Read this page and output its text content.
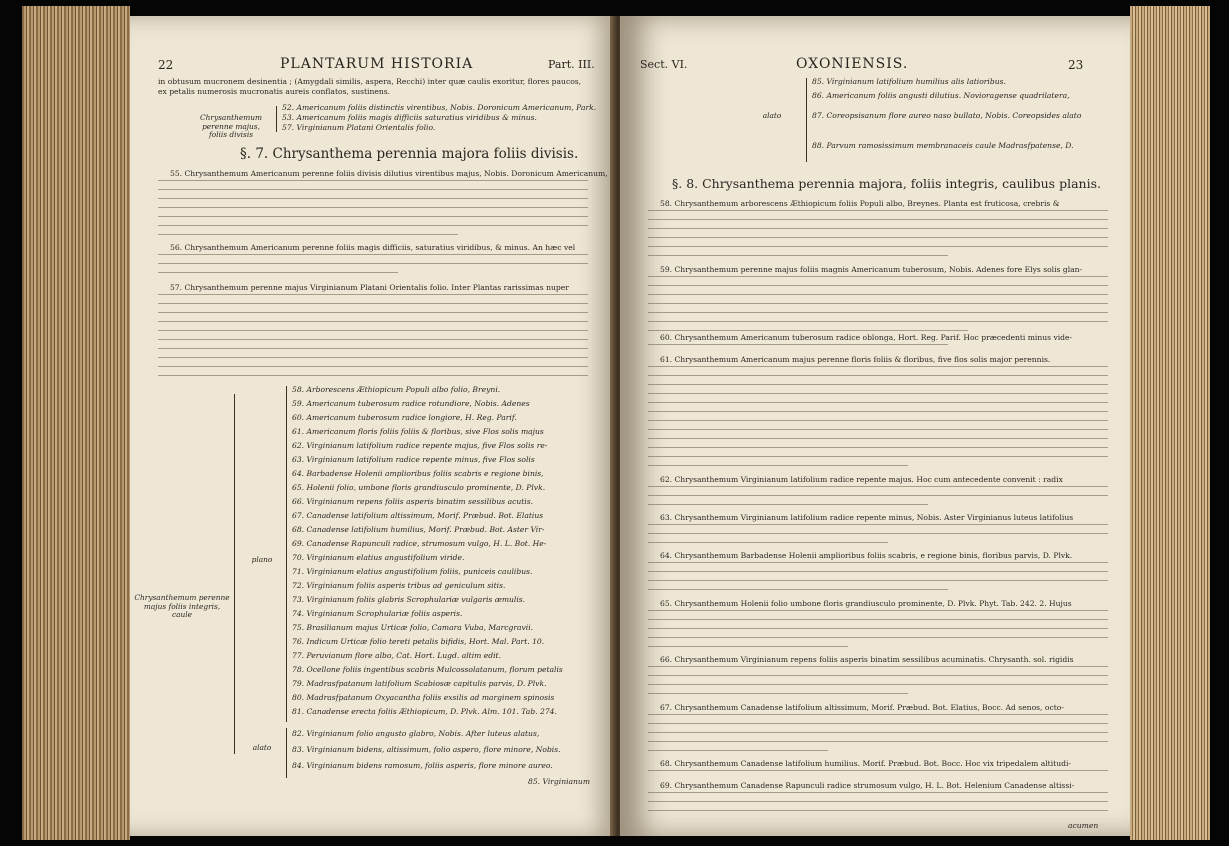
22	PLANTARUM HISTORIA	Part. III.
in obtusum mucronem desinentia ; (Amygdali similis, aspera, Recchi) inter quæ caulis exoritur, flores paucos,
ex petalis numerosis mucronatis aureis conflatos, sustinens.
Chrysanthemum perenne majus, foliis divisis
52. Americanum foliis distinctis virentibus, Nobis. Doronicum Americanum, Park.
53. Americanum foliis magis difficiis saturatius viridibus & minus.
57. Virginianum Platani Orientalis folio.
§. 7. Chrysanthema perennia majora foliis divisis.
55. Chrysanthemum Americanum perenne foliis divisis dilutius virentibus majus, Nobis. Doronicum Americanum,
56. Chrysanthemum Americanum perenne foliis magis difficiis, saturatius viridibus, & minus. An hæc vel
57. Chrysanthemum perenne majus Virginianum Platani Orientalis folio. Inter Plantas rarissimas nuper
Chrysanthemum perenne majus foliis integris, caule
plano
alato
58. Arborescens Æthiopicum Populi albo folio, Breyni.
59. Americanum tuberosum radice rotundiore, Nobis. Adenes
60. Americanum tuberosum radice longiore, H. Reg. Parif.
61. Americanum floris foliis foliis & floribus, sive Flos solis majus
62. Virginianum latifolium radice repente majus, five Flos solis re-
63. Virginianum latifolium radice repente minus, five Flos solis
64. Barbadense Holenii amplioribus foliis scabris e regione binis,
65. Holenii folio, umbone floris grandiusculo prominente, D. Plvk.
66. Virginianum repens foliis asperis binatim sessilibus acutis.
67. Canadense latifolium altissimum, Morif. Præbud. Bot. Elatius
68. Canadense latifolium humilius, Morif. Præbud. Bot. Aster Vir-
69. Canadense Rapunculi radice, strumosum vulgo, H. L. Bot. He-
70. Virginianum elatius angustifolium viride.
71. Virginianum elatius angustifolium foliis, puniceis caulibus.
72. Virginianum foliis asperis tribus ad geniculum sitis.
73. Virginianum foliis glabris Scrophulariæ vulgaris æmulis.
74. Virginianum Scrophulariæ foliis asperis.
75. Brasilianum majus Urticæ folio, Camara Vuba, Marcgravii.
76. Indicum Urticæ folio tereti petalis bifidis, Hort. Mal. Part. 10.
77. Peruvianum flore albo, Cat. Hort. Lugd. altim edit.
78. Ocellone foliis ingentibus scabris Mulcossolatanum, florum petalis
79. Madrasfpatanum latifolium Scabiosæ capitulis parvis, D. Plvk.
80. Madrasfpatanum Oxyacantha foliis exsilis ad marginem spinosis
81. Canadense erecta foliis Æthiopicum, D. Plvk. Alm. 101. Tab. 274.
82. Virginianum folio angusto glabro, Nobis. After luteus alatus,
83. Virginianum bidens, altissimum, folio aspero, flore minore, Nobis.
84. Virginianum bidens ramosum, foliis asperis, flore minore aureo.
85. Virginianum
Sect. VI.	OXONIENSIS.	23
alato
85. Virginianum latifolium humilius alis latioribus.
86. Americanum foliis angusti dilutius. Novioragense quadrilatera,
87. Coreopsisanum flore aureo naso bullato, Nobis. Coreopsides alato
88. Parvum ramosissimum membranaceis caule Madrasfpatense, D.
§. 8. Chrysanthema perennia majora, foliis integris, caulibus planis.
58. Chrysanthemum arborescens Æthiopicum foliis Populi albo, Breynes. Planta est fruticosa, crebris &
59. Chrysanthemum perenne majus foliis magnis Americanum tuberosum, Nobis. Adenes fore Elys solis glan-
60. Chrysanthemum Americanum tuberosum radice oblonga, Hort. Reg. Parif. Hoc præcedenti minus vide-
61. Chrysanthemum Americanum majus perenne floris foliis & floribus, five flos solis major perennis.
62. Chrysanthemum Virginianum latifolium radice repente majus. Hoc cum antecedente convenit : radix
63. Chrysanthemum Virginianum latifolium radice repente minus, Nobis. Aster Virginianus luteus latifolius
64. Chrysanthemum Barbadense Holenii amplioribus foliis scabris, e regione binis, floribus parvis, D. Plvk.
65. Chrysanthemum Holenii folio umbone floris grandiusculo prominente, D. Plvk. Phyt. Tab. 242. 2. Hujus
66. Chrysanthemum Virginianum repens foliis asperis binatim sessilibus acuminatis. Chrysanth. sol. rigidis
67. Chrysanthemum Canadense latifolium altissimum, Morif. Præbud. Bot. Elatius, Bocc. Ad senos, octo-
68. Chrysanthemum Canadense latifolium humilius. Morif. Præbud. Bot. Bocc. Hoc vix tripedalem altitudi-
69. Chrysanthemum Canadense Rapunculi radice strumosum vulgo, H. L. Bot. Helenium Canadense altissi-
acumen
